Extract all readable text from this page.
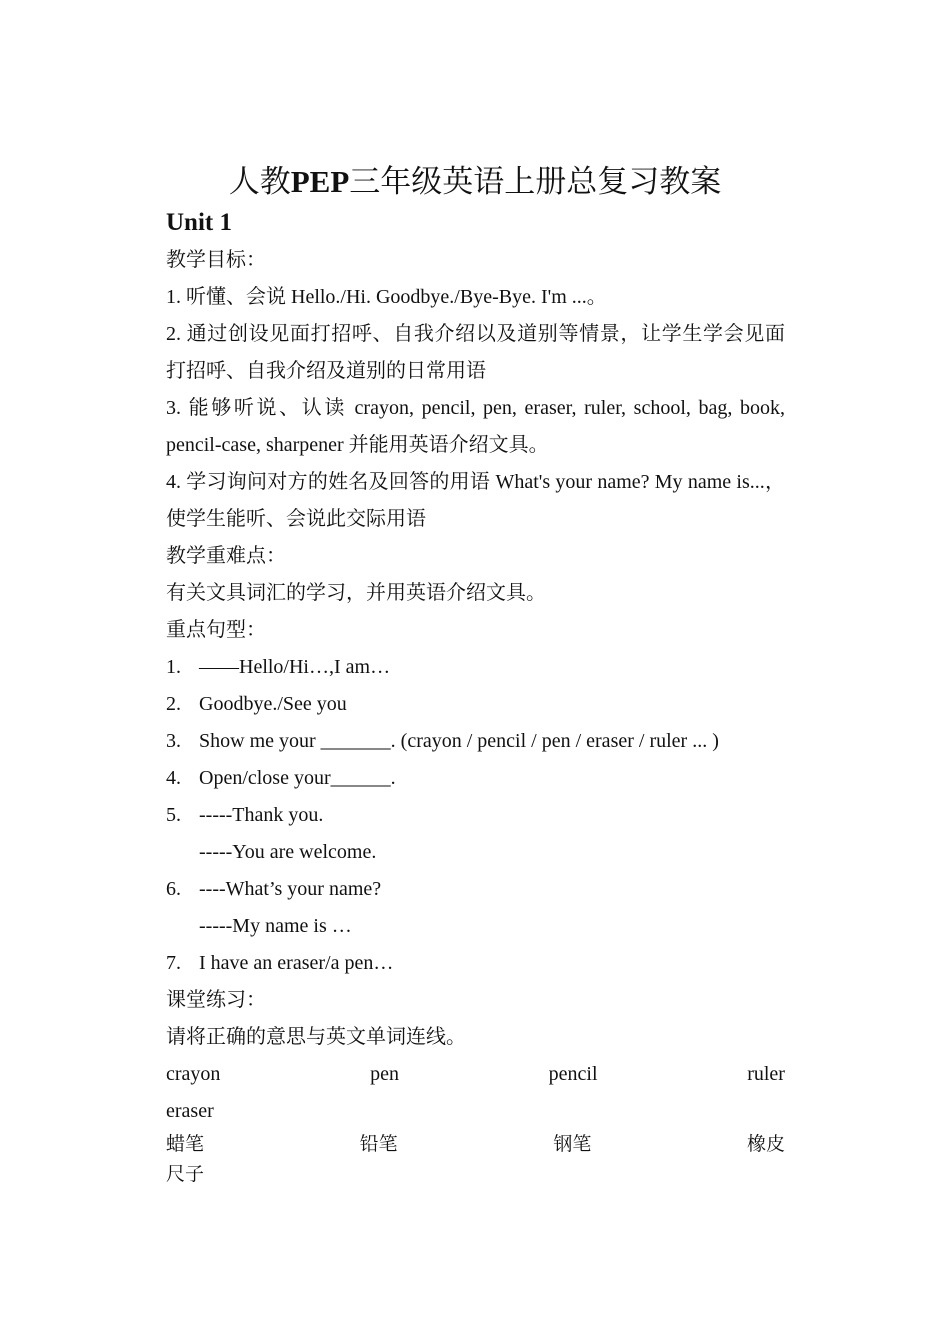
人教PEP三年级英语上册总复习教案

Unit 1

教学目标：

1. 听懂、会说 Hello./Hi. Goodbye./Bye-Bye. I'm ...。

2. 通过创设见面打招呼、自我介绍以及道别等情景，让学生学会见面打招呼、自我介绍及道别的日常用语

3. 能够听说、认读 crayon, pencil, pen, eraser, ruler, school, bag, book, pencil-case, sharpener 并能用英语介绍文具。

4. 学习询问对方的姓名及回答的用语 What's your name? My name is...，使学生能听、会说此交际用语

教学重难点：

有关文具词汇的学习，并用英语介绍文具。

重点句型：

1. ——Hello/Hi…,I am…
2. Goodbye./See you
3. Show me your _______. (crayon / pencil / pen / eraser / ruler ... )
4. Open/close your______.
5. -----Thank you.
-----You are welcome.
6. ----What’s your name?
-----My name is …
7. I have an eraser/a pen…

课堂练习：

请将正确的意思与英文单词连线。

crayon	pen	pencil	ruler

eraser

蜡笔	铅笔	钢笔	橡皮
尺子
